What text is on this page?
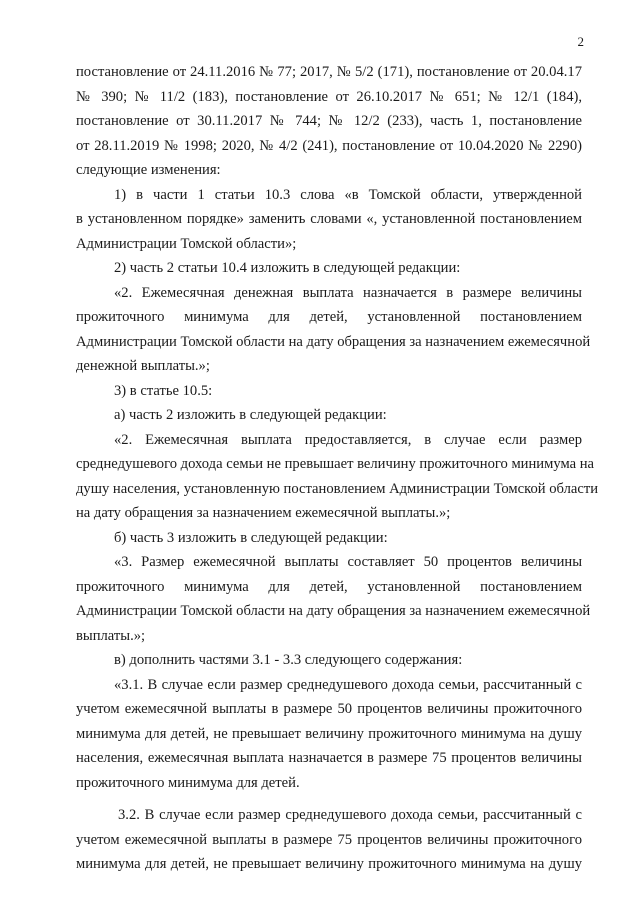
2
постановление от 24.11.2016 № 77; 2017, № 5/2 (171), постановление от 20.04.17
№ 390; № 11/2 (183), постановление от 26.10.2017 № 651; № 12/1 (184),
постановление от 30.11.2017 № 744; № 12/2 (233), часть 1, постановление
от 28.11.2019 № 1998; 2020, № 4/2 (241), постановление от 10.04.2020 № 2290)
следующие изменения:
1) в части 1 статьи 10.3 слова «в Томской области, утвержденной
в установленном порядке» заменить словами «, установленной постановлением
Администрации Томской области»;
2) часть 2 статьи 10.4 изложить в следующей редакции:
«2. Ежемесячная денежная выплата назначается в размере величины
прожиточного минимума для детей, установленной постановлением
Администрации Томской области на дату обращения за назначением ежемесячной
денежной выплаты.»;
3) в статье 10.5:
а) часть 2 изложить в следующей редакции:
«2. Ежемесячная выплата предоставляется, в случае если размер
среднедушевого дохода семьи не превышает величину прожиточного минимума на
душу населения, установленную постановлением Администрации Томской области
на дату обращения за назначением ежемесячной выплаты.»;
б) часть 3 изложить в следующей редакции:
«3. Размер ежемесячной выплаты составляет 50 процентов величины
прожиточного минимума для детей, установленной постановлением
Администрации Томской области на дату обращения за назначением ежемесячной
выплаты.»;
в) дополнить частями 3.1 - 3.3 следующего содержания:
«3.1. В случае если размер среднедушевого дохода семьи, рассчитанный с
учетом ежемесячной выплаты в размере 50 процентов величины прожиточного
минимума для детей, не превышает величину прожиточного минимума на душу
населения, ежемесячная выплата назначается в размере 75 процентов величины
прожиточного минимума для детей.
3.2. В случае если размер среднедушевого дохода семьи, рассчитанный с
учетом ежемесячной выплаты в размере 75 процентов величины прожиточного
минимума для детей, не превышает величину прожиточного минимума на душу
